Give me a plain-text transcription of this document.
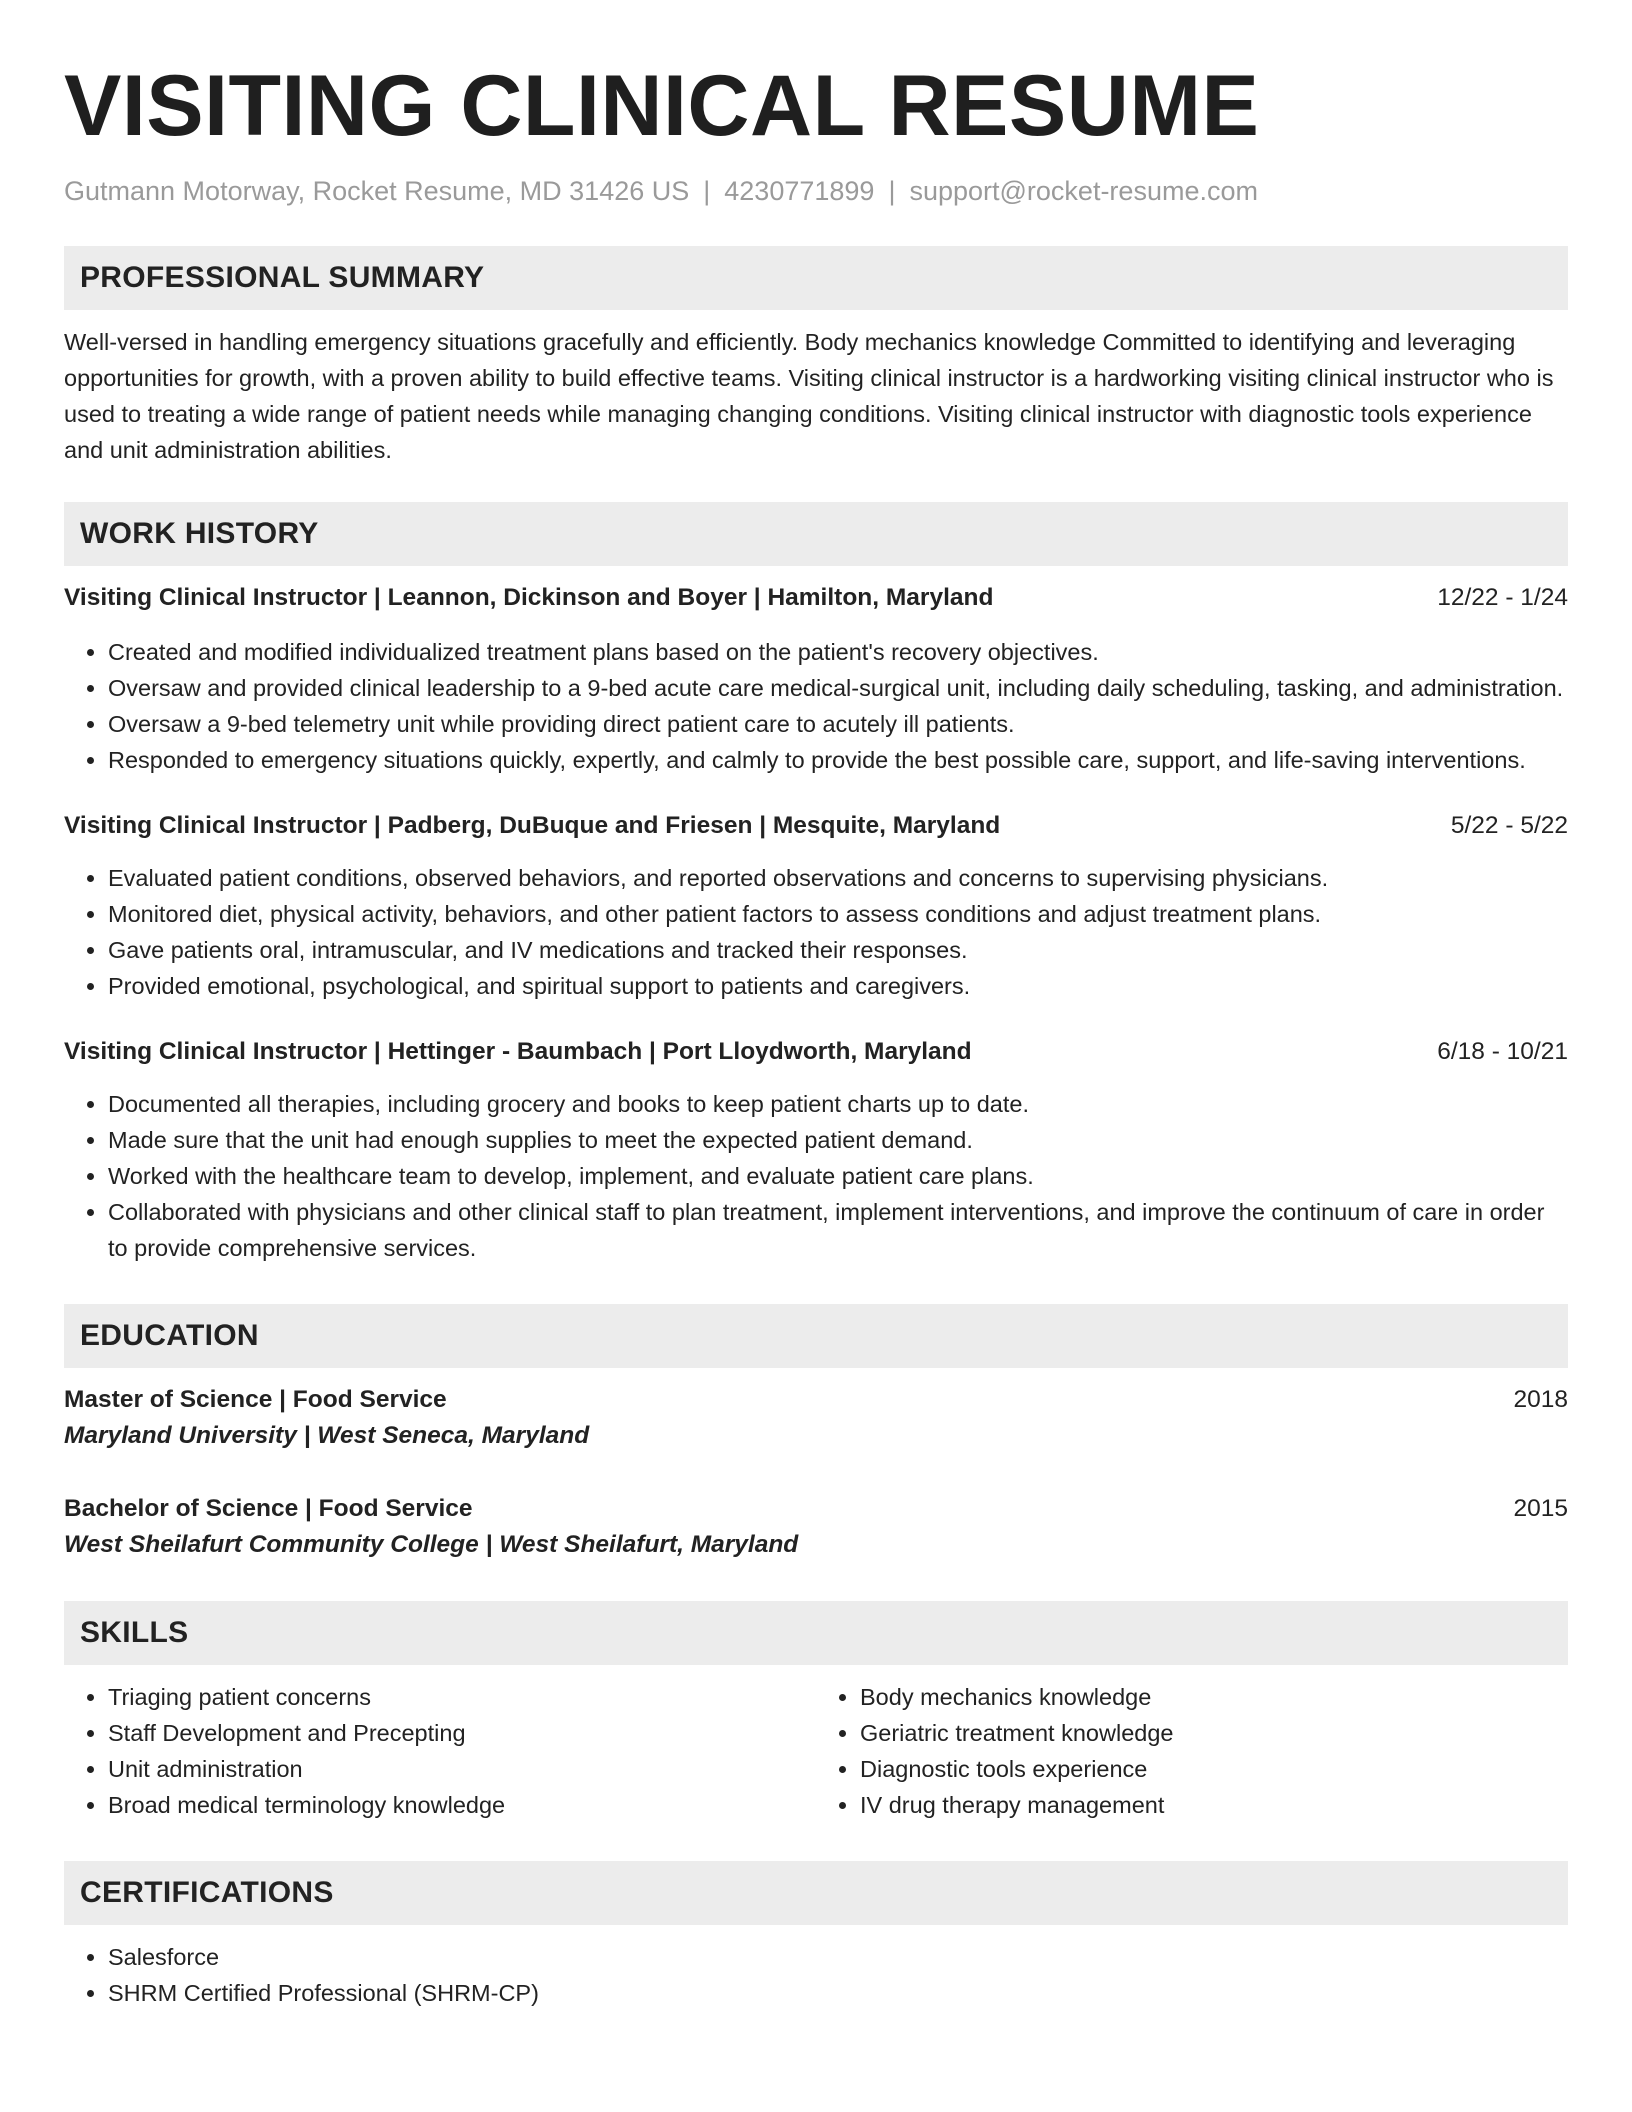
VISITING CLINICAL RESUME
Gutmann Motorway, Rocket Resume, MD 31426 US | 4230771899 | support@rocket-resume.com
PROFESSIONAL SUMMARY
Well-versed in handling emergency situations gracefully and efficiently. Body mechanics knowledge Committed to identifying and leveraging opportunities for growth, with a proven ability to build effective teams. Visiting clinical instructor is a hardworking visiting clinical instructor who is used to treating a wide range of patient needs while managing changing conditions. Visiting clinical instructor with diagnostic tools experience and unit administration abilities.
WORK HISTORY
Visiting Clinical Instructor | Leannon, Dickinson and Boyer | Hamilton, Maryland	12/22 - 1/24
• Created and modified individualized treatment plans based on the patient's recovery objectives.
• Oversaw and provided clinical leadership to a 9-bed acute care medical-surgical unit, including daily scheduling, tasking, and administration.
• Oversaw a 9-bed telemetry unit while providing direct patient care to acutely ill patients.
• Responded to emergency situations quickly, expertly, and calmly to provide the best possible care, support, and life-saving interventions.
Visiting Clinical Instructor | Padberg, DuBuque and Friesen | Mesquite, Maryland	5/22 - 5/22
• Evaluated patient conditions, observed behaviors, and reported observations and concerns to supervising physicians.
• Monitored diet, physical activity, behaviors, and other patient factors to assess conditions and adjust treatment plans.
• Gave patients oral, intramuscular, and IV medications and tracked their responses.
• Provided emotional, psychological, and spiritual support to patients and caregivers.
Visiting Clinical Instructor | Hettinger - Baumbach | Port Lloydworth, Maryland	6/18 - 10/21
• Documented all therapies, including grocery and books to keep patient charts up to date.
• Made sure that the unit had enough supplies to meet the expected patient demand.
• Worked with the healthcare team to develop, implement, and evaluate patient care plans.
• Collaborated with physicians and other clinical staff to plan treatment, implement interventions, and improve the continuum of care in order to provide comprehensive services.
EDUCATION
Master of Science | Food Service	2018
Maryland University | West Seneca, Maryland
Bachelor of Science | Food Service	2015
West Sheilafurt Community College | West Sheilafurt, Maryland
SKILLS
• Triaging patient concerns
• Staff Development and Precepting
• Unit administration
• Broad medical terminology knowledge
• Body mechanics knowledge
• Geriatric treatment knowledge
• Diagnostic tools experience
• IV drug therapy management
CERTIFICATIONS
• Salesforce
• SHRM Certified Professional (SHRM-CP)
